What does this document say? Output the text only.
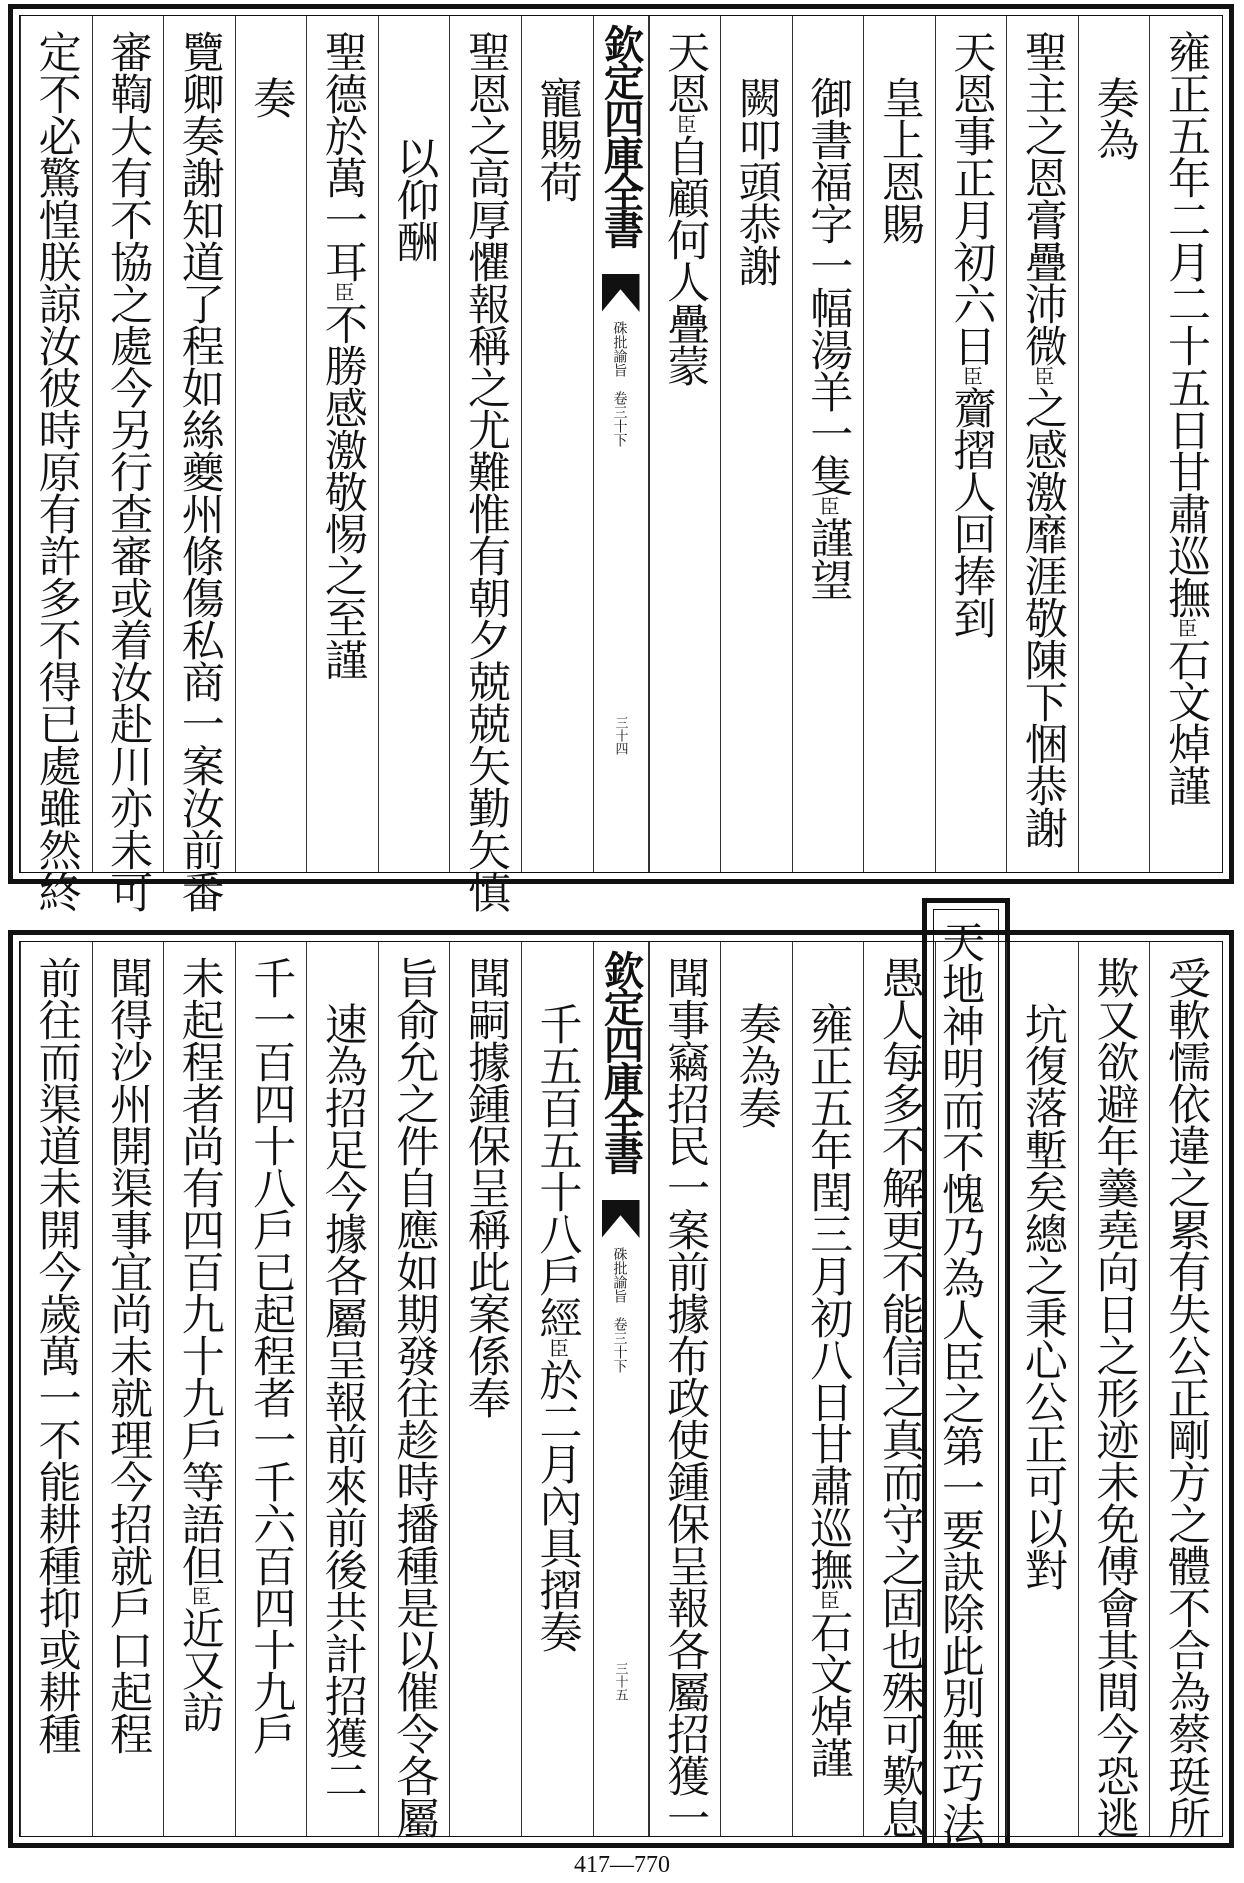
雍正五年二月二十五日甘肅巡撫臣石文焯謹
奏為
聖主之恩膏疊沛微臣之感激靡涯敬陳下悃恭謝
天恩事正月初六日臣齎摺人回捧到
皇上恩賜
御書福字一幅湯羊一隻臣謹望
闕叩頭恭謝
天恩臣自顧何人疊蒙
寵賜荷
聖恩之高厚懼報稱之尤難惟有朝夕兢兢矢勤矢慎
以仰酬
聖德於萬一耳臣不勝感激敬惕之至謹
奏
覽卿奏謝知道了程如絲夔州條傷私商一案汝前番
審鞫大有不協之處今另行查審或着汝赴川亦未可
定不必驚惶朕諒汝彼時原有許多不得已處雖然終	欽定四庫全書
硃批諭旨　卷三十下
三十四
天地神明而不愧乃為人臣之第一要訣除此別無巧法	受軟懦依違之累有失公正剛方之體不合為蔡珽所
欺又欲避年羹堯向日之形迹未免傅會其間今恐逃
坑復落塹矣總之秉心公正可以對
愚人每多不解更不能信之真而守之固也殊可歎息
雍正五年閏三月初八日甘肅巡撫臣石文焯謹
奏為奏
聞事竊招民一案前據布政使鍾保呈報各屬招獲一
千五百五十八戶經臣於二月內具摺奏
聞嗣據鍾保呈稱此案係奉
旨俞允之件自應如期發往趁時播種是以催令各屬
速為招足今據各屬呈報前來前後共計招獲二
千一百四十八戶已起程者一千六百四十九戶
未起程者尚有四百九十九戶等語但臣近又訪
聞得沙州開渠事宜尚未就理今招就戶口起程
前往而渠道未開今歲萬一不能耕種抑或耕種	欽定四庫全書
硃批諭旨　卷三十下
三十五
417—770
